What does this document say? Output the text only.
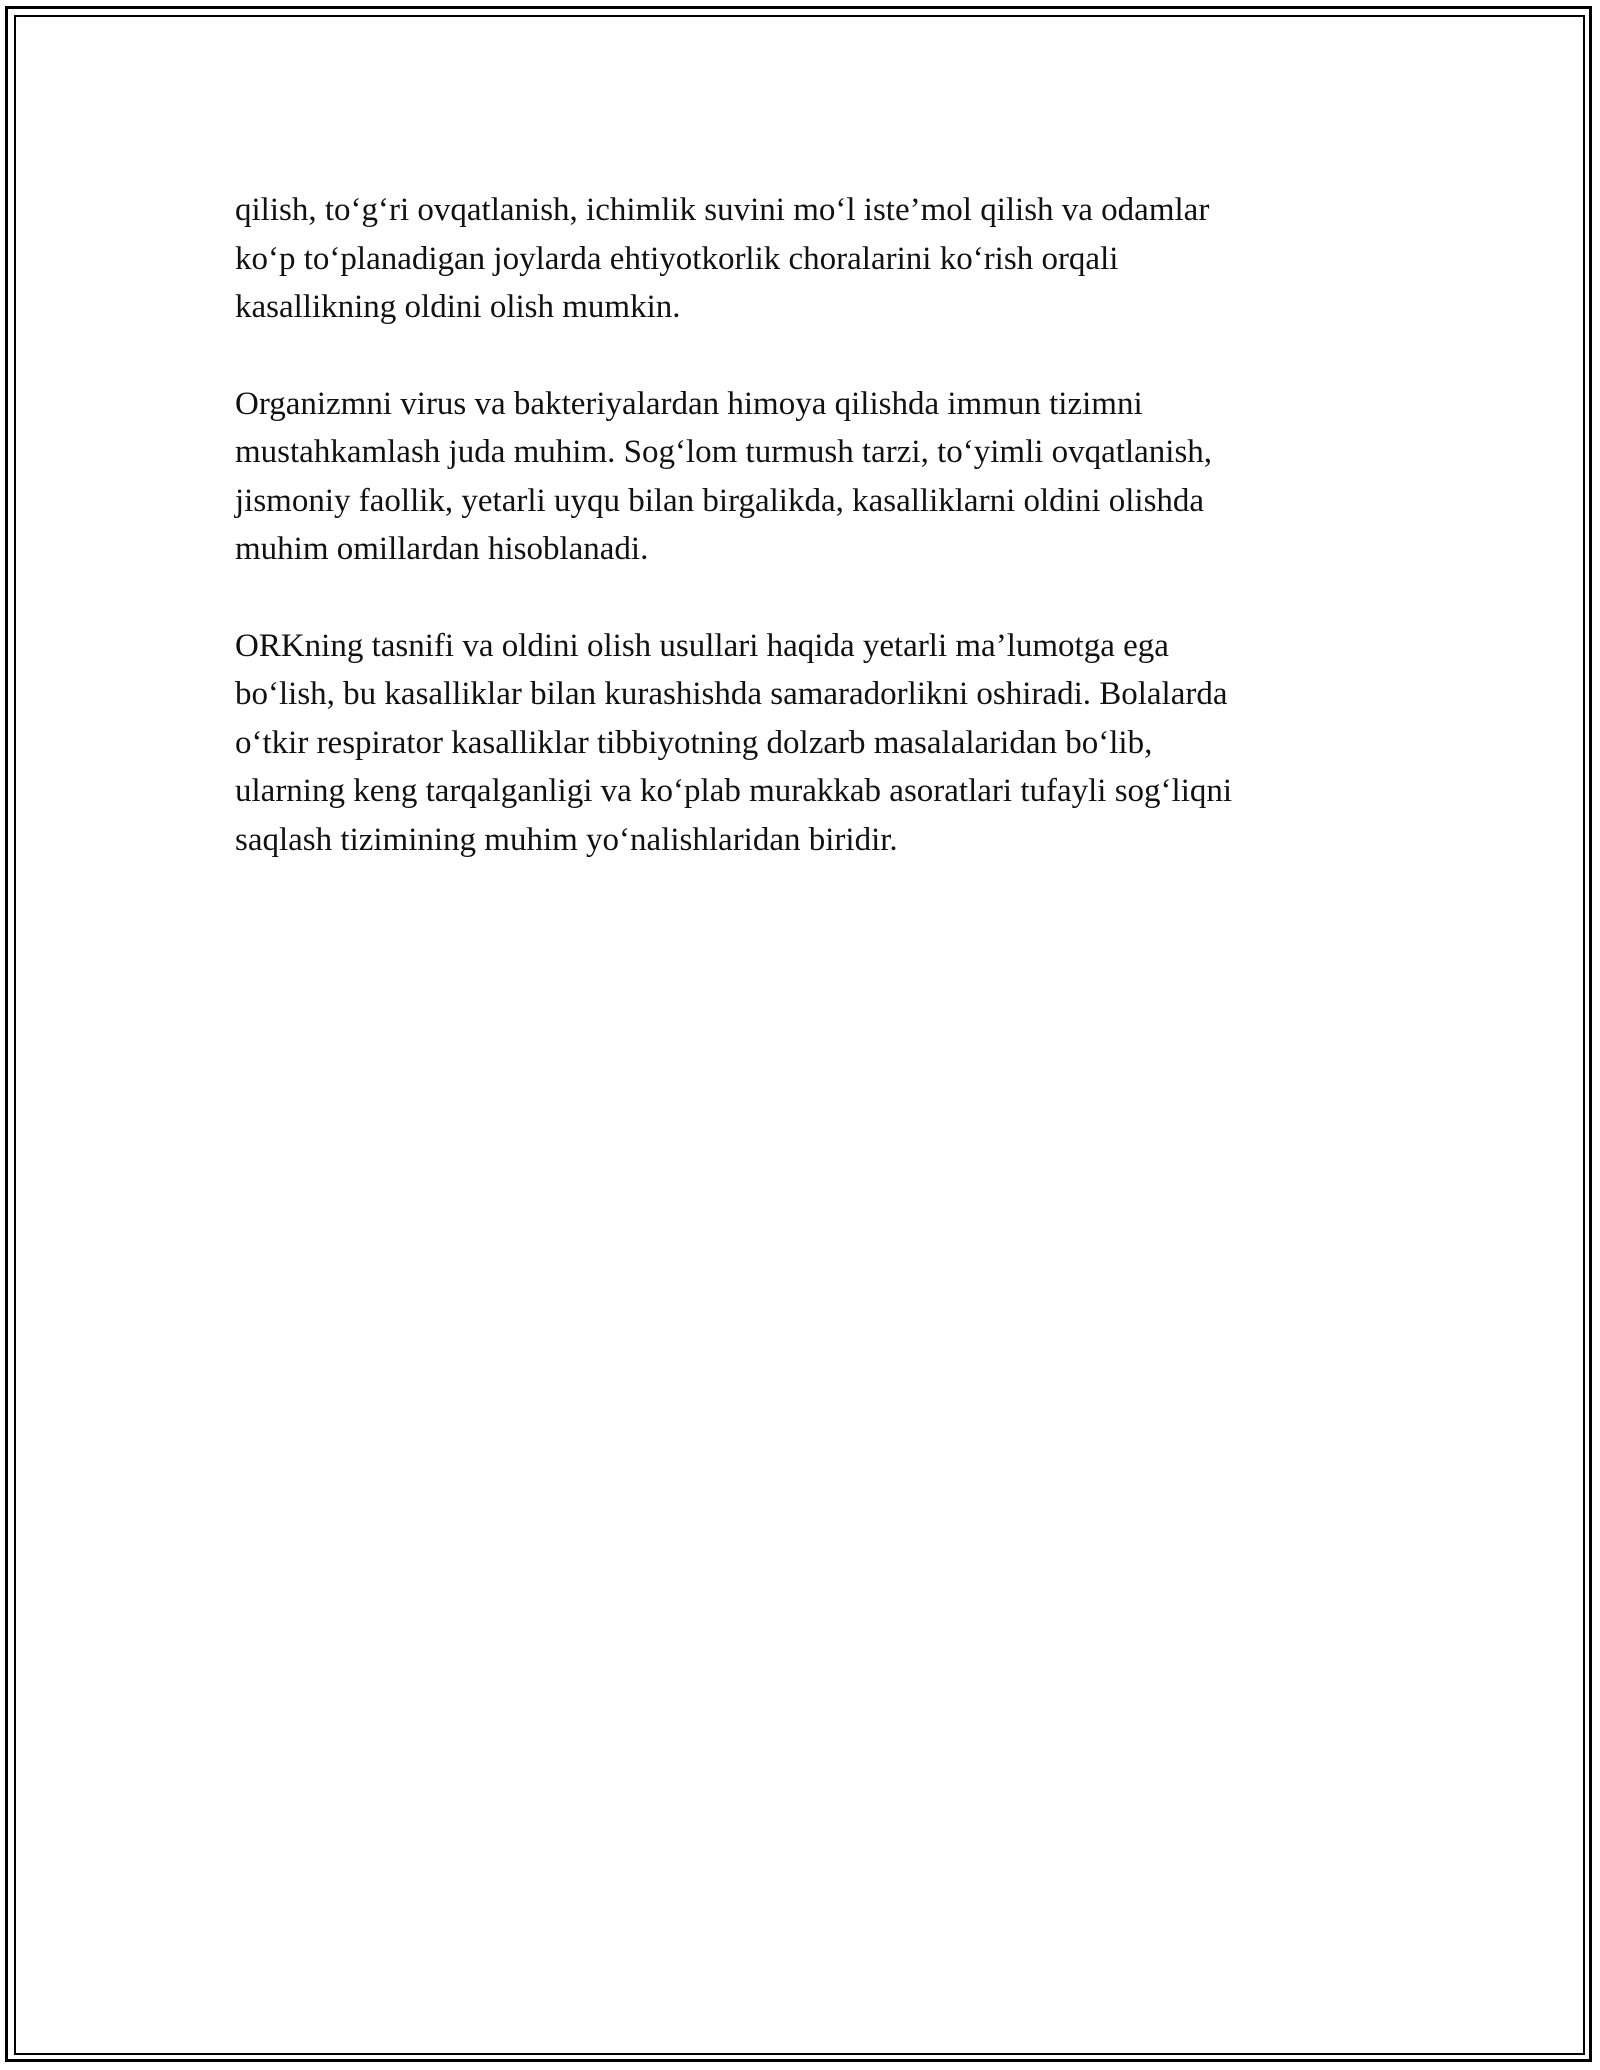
qilish, to‘g‘ri ovqatlanish, ichimlik suvini mo‘l iste’mol qilish va odamlar
ko‘p to‘planadigan joylarda ehtiyotkorlik choralarini ko‘rish orqali
kasallikning oldini olish mumkin.

Organizmni virus va bakteriyalardan himoya qilishda immun tizimni
mustahkamlash juda muhim. Sog‘lom turmush tarzi, to‘yimli ovqatlanish,
jismoniy faollik, yetarli uyqu bilan birgalikda, kasalliklarni oldini olishda
muhim omillardan hisoblanadi.

ORKning tasnifi va oldini olish usullari haqida yetarli ma’lumotga ega
bo‘lish, bu kasalliklar bilan kurashishda samaradorlikni oshiradi. Bolalarda
o‘tkir respirator kasalliklar tibbiyotning dolzarb masalalaridan bo‘lib,
ularning keng tarqalganligi va ko‘plab murakkab asoratlari tufayli sog‘liqni
saqlash tizimining muhim yo‘nalishlaridan biridir.
